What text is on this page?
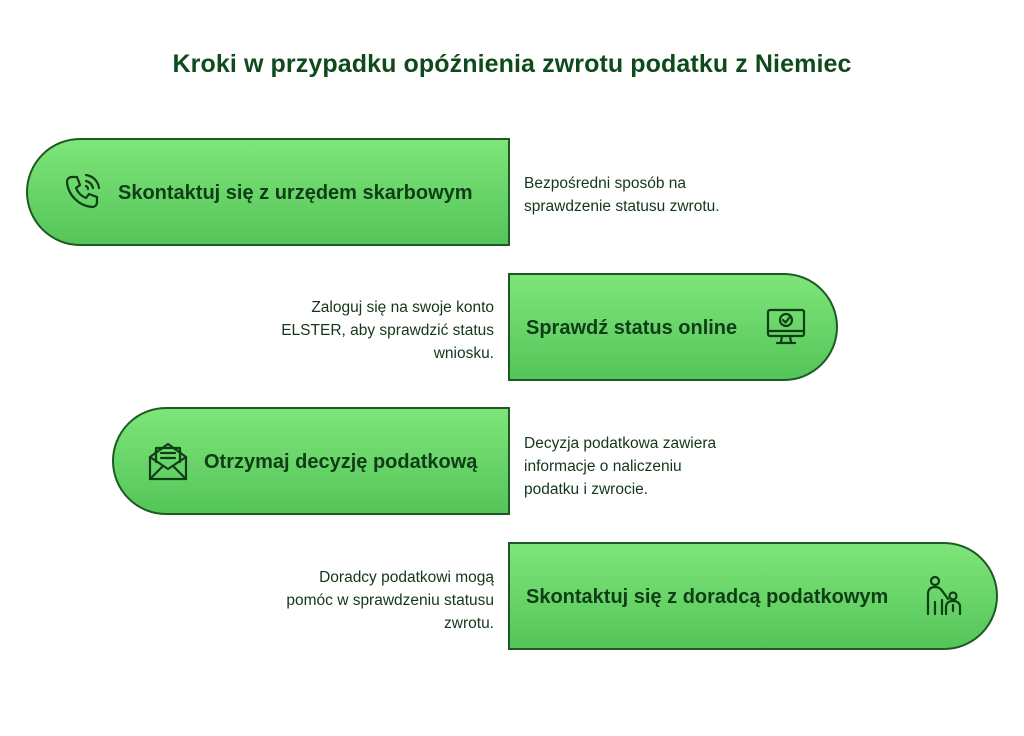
Kroki w przypadku opóźnienia zwrotu podatku z Niemiec
Skontaktuj się z urzędem skarbowym	Bezpośredni sposób na
sprawdzenie statusu zwrotu.
Zaloguj się na swoje konto
ELSTER, aby sprawdzić status
wniosku.
Sprawdź status online
Otrzymaj decyzję podatkową
Decyzja podatkowa zawiera
informacje o naliczeniu
podatku i zwrocie.
Doradcy podatkowi mogą
pomóc w sprawdzeniu statusu
zwrotu.
Skontaktuj się z doradcą podatkowym
